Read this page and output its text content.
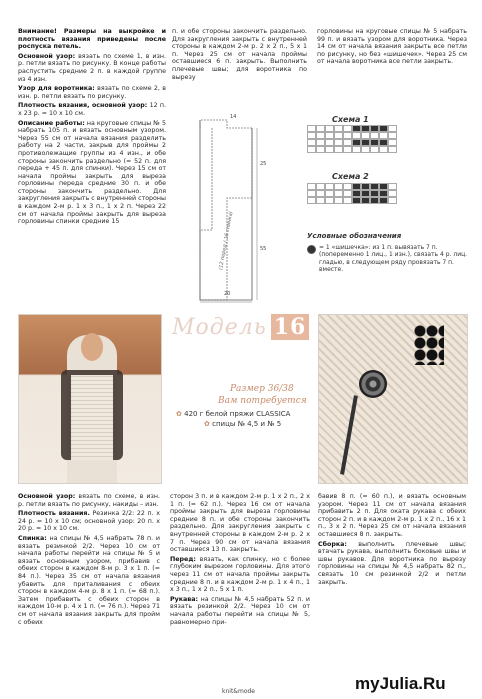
Внимание! Размеры на выкройке и плотность вязания приведены после роспуска петель.

Основной узор: вязать по схеме 1, в изн. р. петли вязать по рисунку. В конце работы распустить средние 2 п. в каждой группе из 4 изн.

Узор для воротника: вязать по схеме 2, в изн. р. петли вязать по рисунку.

Плотность вязания, основной узор: 12 п. х 23 р. = 10 х 10 см.

Описание работы: на круговые спицы № 5 набрать 105 п. и вязать основным узором. Через 55 см от начала вязания разделить работу на 2 части, закрыв для проймы 2 противолежащие группы из 4 изн., и обе стороны закончить раздельно (= 52 п. для переда + 45 п. для спинки). Через 15 см от начала проймы закрыть для выреза горловины переда средние 30 п. и обе стороны закончить раздельно. Для закругления закрыть с внутренней стороны в каждом 2-м р. 1 х 3 п., 1 х 2 п. Через 22 см от начала проймы закрыть для выреза горловины спинки средние 15

п. и обе стороны закончить раздельно. Для закругления закрыть с внутренней стороны в каждом 2-м р. 2 х 2 п., 5 х 1 п. Через 25 см от начала проймы оставшиеся 6 п. закрыть. Выполнить плечевые швы; для воротника по вырезу

горловины на круговые спицы № 5 набрать 99 п. и вязать узором для воротника. Через 14 см от начала вязания закрыть все петли по рисунку, но без «шишечек». Через 25 см от начала воротника все петли закрыть.

14
25
55
20
(12 перед / 16 спинка)
Схема 1
Схема 2
Условные обозначения
= 1 «шишечка»: из 1 п. вывязать 7 п. (попеременно 1 лиц., 1 изн.), связать 4 р. лиц. гладью, в следующем ряду провязать 7 п. вместе.
Модель 16
Размер 36/38
Вам потребуется
✿ 420 г белой пряжи CLASSICA
✿ спицы № 4,5 и № 5

Основной узор: вязать по схеме, в изн. р. петли вязать по рисунку, накиды – изн.

Плотность вязания. Резинка 2/2: 22 п. х 24 р. = 10 х 10 см; основной узор: 20 п. х 20 р. = 10 х 10 см.

Спинка: на спицы № 4,5 набрать 78 п. и вязать резинкой 2/2. Через 10 см от начала работы перейти на спицы № 5 и вязать основным узором, прибавив с обеих сторон в каждом 8-м р. 3 х 1 п. (= 84 п.). Через 35 см от начала вязания убавить для приталивания с обеих сторон в каждом 4-м р. 8 х 1 п. (= 68 п.). Затем прибавить с обеих сторон в каждом 10-м р. 4 х 1 п. (= 76 п.). Через 71 см от начала вязания закрыть для пройм с обеих

сторон 3 п. и в каждом 2-м р. 1 х 2 п., 2 х 1 п. (= 62 п.). Через 16 см от начала проймы закрыть для выреза горловины средние 8 п. и обе стороны закончить раздельно. Для закругления закрыть с внутренней стороны в каждом 2-м р. 2 х 7 п. Через 90 см от начала вязания оставшиеся 13 п. закрыть.

Перед: вязать, как спинку, но с более глубоким вырезом горловины. Для этого через 11 см от начала проймы закрыть средние 8 п. и в каждом 2-м р. 1 х 4 п., 1 х 3 п., 1 х 2 п., 5 х 1 п.

Рукава: на спицы № 4,5 набрать 52 п. и вязать резинкой 2/2. Через 10 см от начала работы перейти на спицы № 5, равномерно при-

бавив 8 п. (= 60 п.), и вязать основным узором. Через 11 см от начала вязания прибавить 2 п. Для оката рукава с обеих сторон 2 п. и в каждом 2-м р. 1 х 2 п., 16 х 1 п., 3 х 2 п. Через 25 см от начала вязания оставшиеся 8 п. закрыть.

Сборка: выполнить плечевые швы; втачать рукава, выполнить боковые швы и швы рукавов. Для воротника по вырезу горловины на спицы № 4,5 набрать 82 п., связать 10 см резинкой 2/2 и петли закрыть.

knit&mode	myJulia.Ru
